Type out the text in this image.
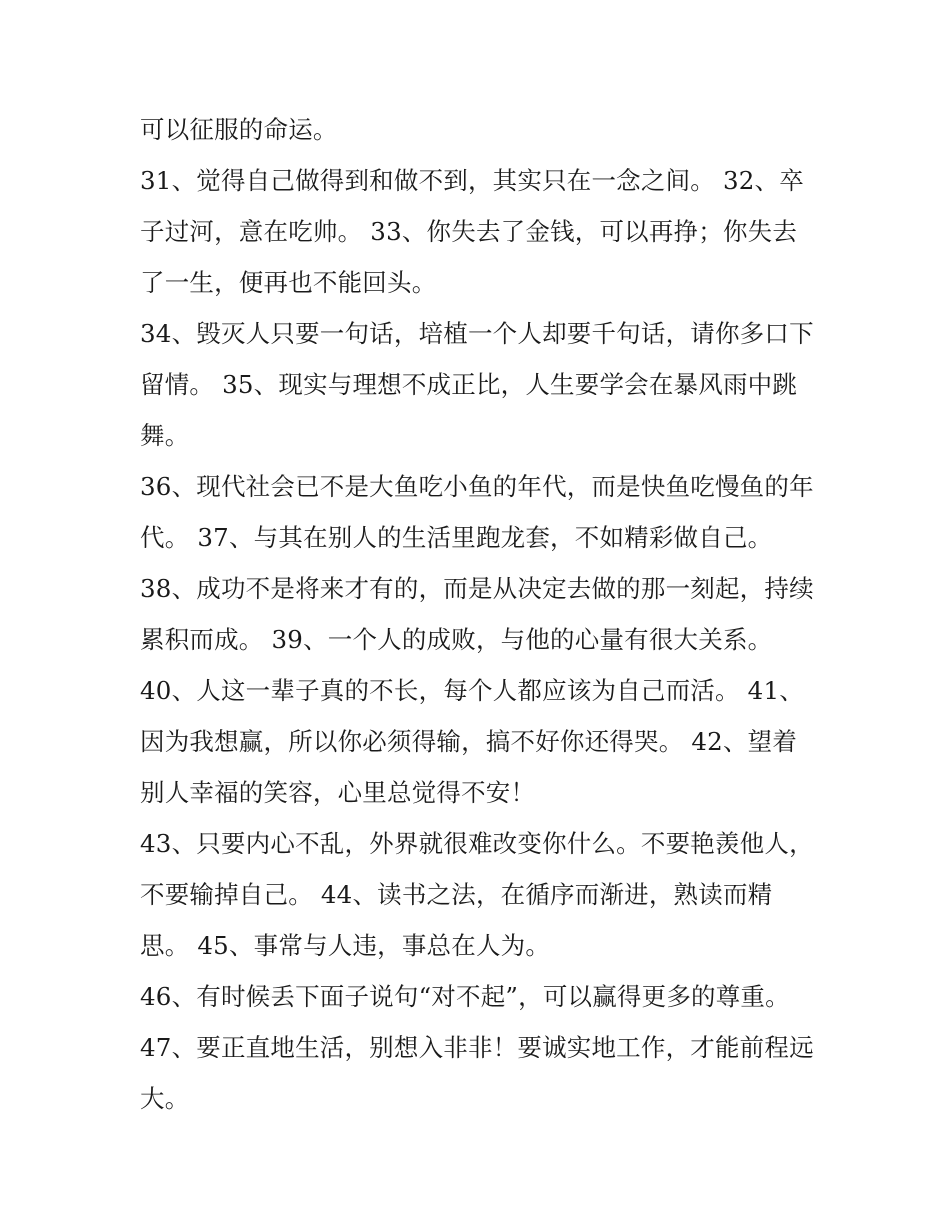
可以征服的命运。
31、觉得自己做得到和做不到，其实只在一念之间。 32、卒
子过河，意在吃帅。 33、你失去了金钱，可以再挣；你失去
了一生，便再也不能回头。
34、毁灭人只要一句话，培植一个人却要千句话，请你多口下
留情。 35、现实与理想不成正比，人生要学会在暴风雨中跳
舞。
36、现代社会已不是大鱼吃小鱼的年代，而是快鱼吃慢鱼的年
代。 37、与其在别人的生活里跑龙套，不如精彩做自己。
38、成功不是将来才有的，而是从决定去做的那一刻起，持续
累积而成。 39、一个人的成败，与他的心量有很大关系。
40、人这一辈子真的不长，每个人都应该为自己而活。 41、
因为我想赢，所以你必须得输，搞不好你还得哭。 42、望着
别人幸福的笑容，心里总觉得不安！
43、只要内心不乱，外界就很难改变你什么。不要艳羡他人，
不要输掉自己。 44、读书之法，在循序而渐进，熟读而精
思。 45、事常与人违，事总在人为。
46、有时候丢下面子说句“对不起”，可以赢得更多的尊重。
47、要正直地生活，别想入非非！要诚实地工作，才能前程远
大。
